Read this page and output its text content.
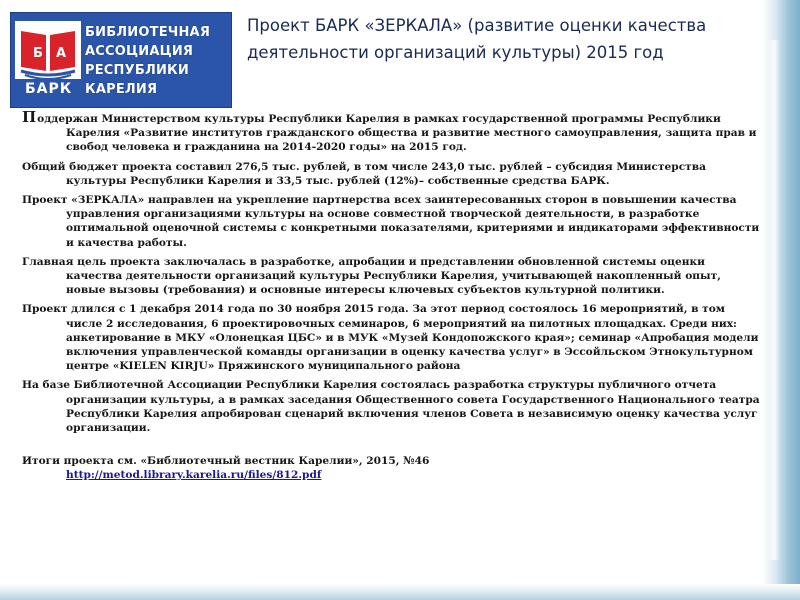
Б А
БИБЛИОТЕЧНАЯ
АССОЦИАЦИЯ
РЕСПУБЛИКИ
КАРЕЛИЯ
БАРК
Проект БАРК «ЗЕРКАЛА» (развитие оценки качества деятельности организаций культуры) 2015 год

Поддержан Министерством культуры Республики Карелия в рамках государственной программы Республики Карелия «Развитие институтов гражданского общества и развитие местного самоуправления, защита прав и свобод человека и гражданина на 2014-2020 годы» на 2015 год.

Общий бюджет проекта составил 276,5 тыс. рублей, в том числе 243,0 тыс. рублей – субсидия Министерства культуры Республики Карелия и 33,5 тыс. рублей (12%)– собственные средства БАРК.

Проект «ЗЕРКАЛА» направлен на укрепление партнерства всех заинтересованных сторон в повышении качества управления организациями культуры на основе совместной творческой деятельности, в разработке оптимальной оценочной системы с конкретными показателями, критериями и индикаторами эффективности и качества работы.

Главная цель проекта заключалась в разработке, апробации и представлении обновленной системы оценки качества деятельности организаций культуры Республики Карелия, учитывающей накопленный опыт, новые вызовы (требования) и основные интересы ключевых субъектов культурной политики.

Проект длился с 1 декабря 2014 года по 30 ноября 2015 года. За этот период состоялось 16 мероприятий, в том числе 2 исследования, 6 проектировочных семинаров, 6 мероприятий на пилотных площадках. Среди них: анкетирование в МКУ «Олонецкая ЦБС» и в МУК «Музей Кондопожского края»; семинар «Апробация модели включения управленческой команды организации в оценку качества услуг» в Эссойльском Этнокультурном центре «KIELEN KIRJU» Пряжинского муниципального района

На базе Библиотечной Ассоциации Республики Карелия состоялась разработка структуры публичного отчета организации культуры, а в рамках заседания Общественного совета Государственного Национального театра Республики Карелия апробирован сценарий включения членов Совета в независимую оценку качества услуг организации.

Итоги проекта см. «Библиотечный вестник Карелии», 2015, №46
http://metod.library.karelia.ru/files/812.pdf
